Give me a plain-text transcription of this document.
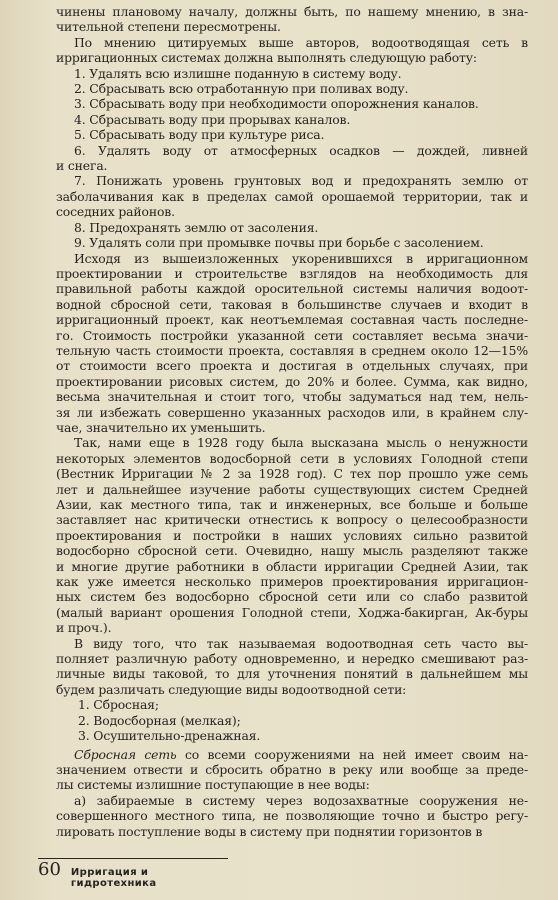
чинены плановому началу, должны быть, по нашему мнению, в зна-

чительной степени пересмотрены.

По мнению цитируемых выше авторов, водоотводящая сеть в

ирригационных системах должна выполнять следующую работу:

1. Удалять всю излишне поданную в систему воду.

2. Сбрасывать всю отработанную при поливах воду.

3. Сбрасывать воду при необходимости опорожнения каналов.

4. Сбрасывать воду при прорывах каналов.

5. Сбрасывать воду при культуре риса.

6. Удалять воду от атмосферных осадков — дождей, ливней

и снега.

7. Понижать уровень грунтовых вод и предохранять землю от

заболачивания как в пределах самой орошаемой территории, так и

соседних районов.

8. Предохранять землю от засоления.

9. Удалять соли при промывке почвы при борьбе с засолением.

Исходя из вышеизложенных укоренившихся в ирригационном

проектировании и строительстве взглядов на необходимость для

правильной работы каждой оросительной системы наличия водоот-

водной сбросной сети, таковая в большинстве случаев и входит в

ирригационный проект, как неотъемлемая составная часть последне-

го. Стоимость постройки указанной сети составляет весьма значи-

тельную часть стоимости проекта, составляя в среднем около 12—15%

от стоимости всего проекта и достигая в отдельных случаях, при

проектировании рисовых систем, до 20% и более. Сумма, как видно,

весьма значительная и стоит того, чтобы задуматься над тем, нель-

зя ли избежать совершенно указанных расходов или, в крайнем слу-

чае, значительно их уменьшить.

Так, нами еще в 1928 году была высказана мысль о ненужности

некоторых элементов водосборной сети в условиях Голодной степи

(Вестник Ирригации № 2 за 1928 год). С тех пор прошло уже семь

лет и дальнейшее изучение работы существующих систем Средней

Азии, как местного типа, так и инженерных, все больше и больше

заставляет нас критически отнестись к вопросу о целесообразности

проектирования и постройки в наших условиях сильно развитой

водосборно сбросной сети. Очевидно, нашу мысль разделяют также

и многие другие работники в области ирригации Средней Азии, так

как уже имеется несколько примеров проектирования ирригацион-

ных систем без водосборно сбросной сети или со слабо развитой

(малый вариант орошения Голодной степи, Ходжа-бакирган, Ак-буры

и проч.).

В виду того, что так называемая водоотводная сеть часто вы-

полняет различную работу одновременно, и нередко смешивают раз-

личные виды таковой, то для уточнения понятий в дальнейшем мы

будем различать следующие виды водоотводной сети:

1. Сбросная;

2. Водосборная (мелкая);

3. Осушительно-дренажная.

Сбросная сеть со всеми сооружениями на ней имеет своим на-

значением отвести и сбросить обратно в реку или вообще за преде-

лы системы излишние поступающие в нее воды:

а) забираемые в систему через водозахватные сооружения не-

совершенного местного типа, не позволяющие точно и быстро регу-

лировать поступление воды в систему при поднятии горизонтов в

60 Ирригация и гидротехника
